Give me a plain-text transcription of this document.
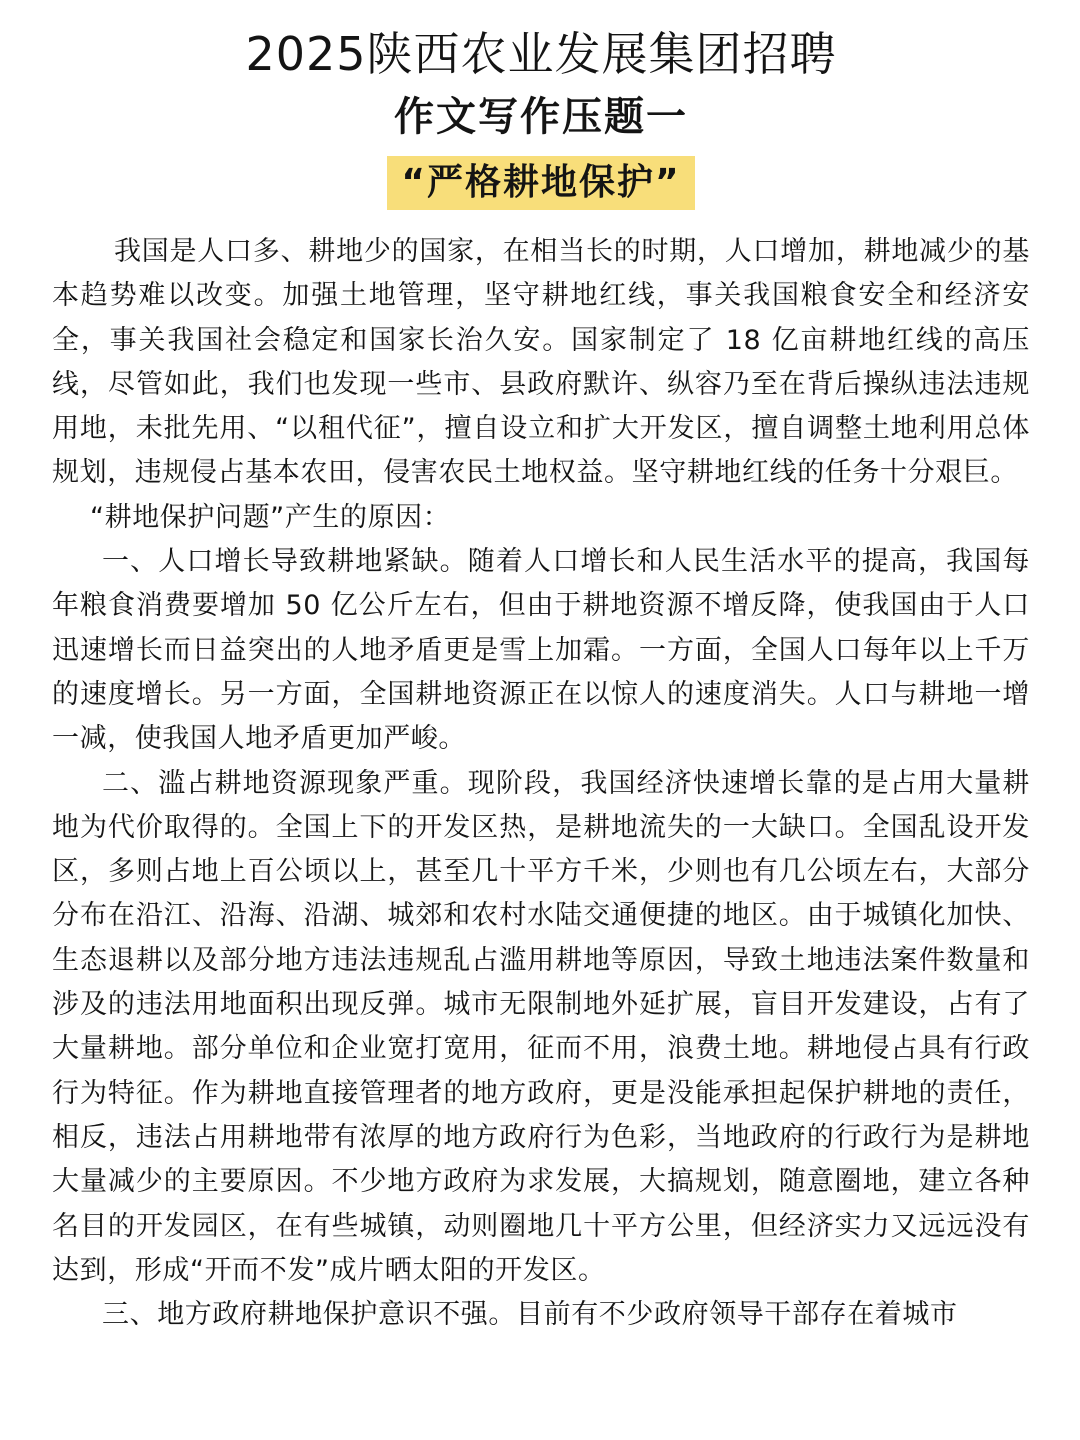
2025陕西农业发展集团招聘
作文写作压题一
“严格耕地保护”

我国是人口多、耕地少的国家，在相当长的时期，人口增加，耕地减少的基本趋势难以改变。加强土地管理，坚守耕地红线，事关我国粮食安全和经济安全，事关我国社会稳定和国家长治久安。国家制定了 18 亿亩耕地红线的高压线，尽管如此，我们也发现一些市、县政府默许、纵容乃至在背后操纵违法违规用地，未批先用、“以租代征”，擅自设立和扩大开发区，擅自调整土地利用总体规划，违规侵占基本农田，侵害农民土地权益。坚守耕地红线的任务十分艰巨。

“耕地保护问题”产生的原因：

一、人口增长导致耕地紧缺。随着人口增长和人民生活水平的提高，我国每年粮食消费要增加 50 亿公斤左右，但由于耕地资源不增反降，使我国由于人口迅速增长而日益突出的人地矛盾更是雪上加霜。一方面，全国人口每年以上千万的速度增长。另一方面，全国耕地资源正在以惊人的速度消失。人口与耕地一增一减，使我国人地矛盾更加严峻。

二、滥占耕地资源现象严重。现阶段，我国经济快速增长靠的是占用大量耕地为代价取得的。全国上下的开发区热，是耕地流失的一大缺口。全国乱设开发区，多则占地上百公顷以上，甚至几十平方千米，少则也有几公顷左右，大部分分布在沿江、沿海、沿湖、城郊和农村水陆交通便捷的地区。由于城镇化加快、生态退耕以及部分地方违法违规乱占滥用耕地等原因，导致土地违法案件数量和涉及的违法用地面积出现反弹。城市无限制地外延扩展，盲目开发建设，占有了大量耕地。部分单位和企业宽打宽用，征而不用，浪费土地。耕地侵占具有行政行为特征。作为耕地直接管理者的地方政府，更是没能承担起保护耕地的责任，相反，违法占用耕地带有浓厚的地方政府行为色彩，当地政府的行政行为是耕地大量减少的主要原因。不少地方政府为求发展，大搞规划，随意圈地，建立各种名目的开发园区，在有些城镇，动则圈地几十平方公里，但经济实力又远远没有达到，形成“开而不发”成片晒太阳的开发区。

三、地方政府耕地保护意识不强。目前有不少政府领导干部存在着城市
